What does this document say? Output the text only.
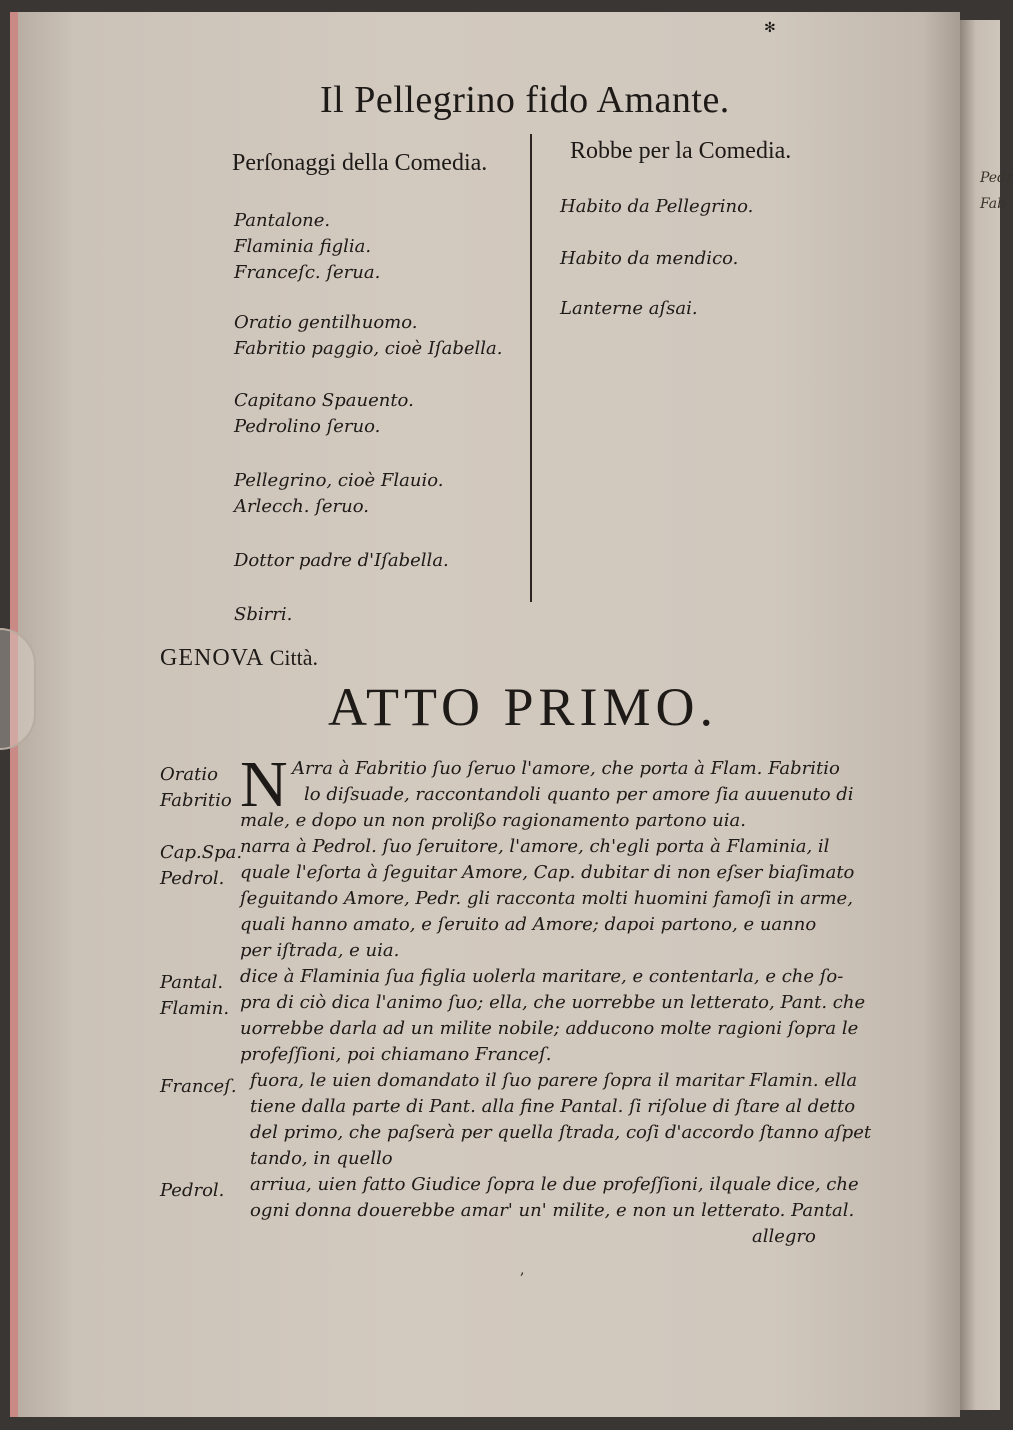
Pedr
Fab
✻
Il Pellegrino fido Amante.
Perſonaggi della Comedia.	Robbe per la Comedia.
Pantalone.
Flaminia figlia.
Franceſc. ſerua.
Oratio gentilhuomo.
Fabritio paggio, cioè Iſabella.
Capitano Spauento.
Pedrolino ſeruo.
Pellegrino, cioè Flauio.
Arlecch. ſeruo.
Dottor padre d'Iſabella.
Sbirri.
Habito da Pellegrino.
Habito da mendico.
Lanterne aſsai.
GENOVA Città.
ATTO PRIMO.
N
Oratio
Fabritio
Cap.Spa.
Pedrol.
Pantal.
Flamin.
Franceſ.
Pedrol.
Arra à Fabritio ſuo ſeruo l'amore, che porta à Flam. Fabritio
lo diſsuade, raccontandoli quanto per amore ſia auuenuto di
male, e dopo un non prolißo ragionamento partono uia.
narra à Pedrol. ſuo ſeruitore, l'amore, ch'egli porta à Flaminia, il
quale l'eſorta à ſeguitar Amore, Cap. dubitar di non eſser biaſimato
ſeguitando Amore, Pedr. gli racconta molti huomini famoſi in arme,
quali hanno amato, e ſeruito ad Amore; dapoi partono, e uanno
per iſtrada, e uia.
dice à Flaminia ſua figlia uolerla maritare, e contentarla, e che ſo-
pra di ciò dica l'animo ſuo; ella, che uorrebbe un letterato, Pant. che
uorrebbe darla ad un milite nobile; adducono molte ragioni ſopra le
profeſſioni, poi chiamano Franceſ.
fuora, le uien domandato il ſuo parere ſopra il maritar Flamin. ella
tiene dalla parte di Pant. alla fine Pantal. ſi riſolue di ſtare al detto
del primo, che paſserà per quella ſtrada, coſi d'accordo ſtanno aſpet
tando, in quello
arriua, uien fatto Giudice ſopra le due profeſſioni, ilquale dice, che
ogni donna douerebbe amar' un' milite, e non un letterato. Pantal.
allegro
,
